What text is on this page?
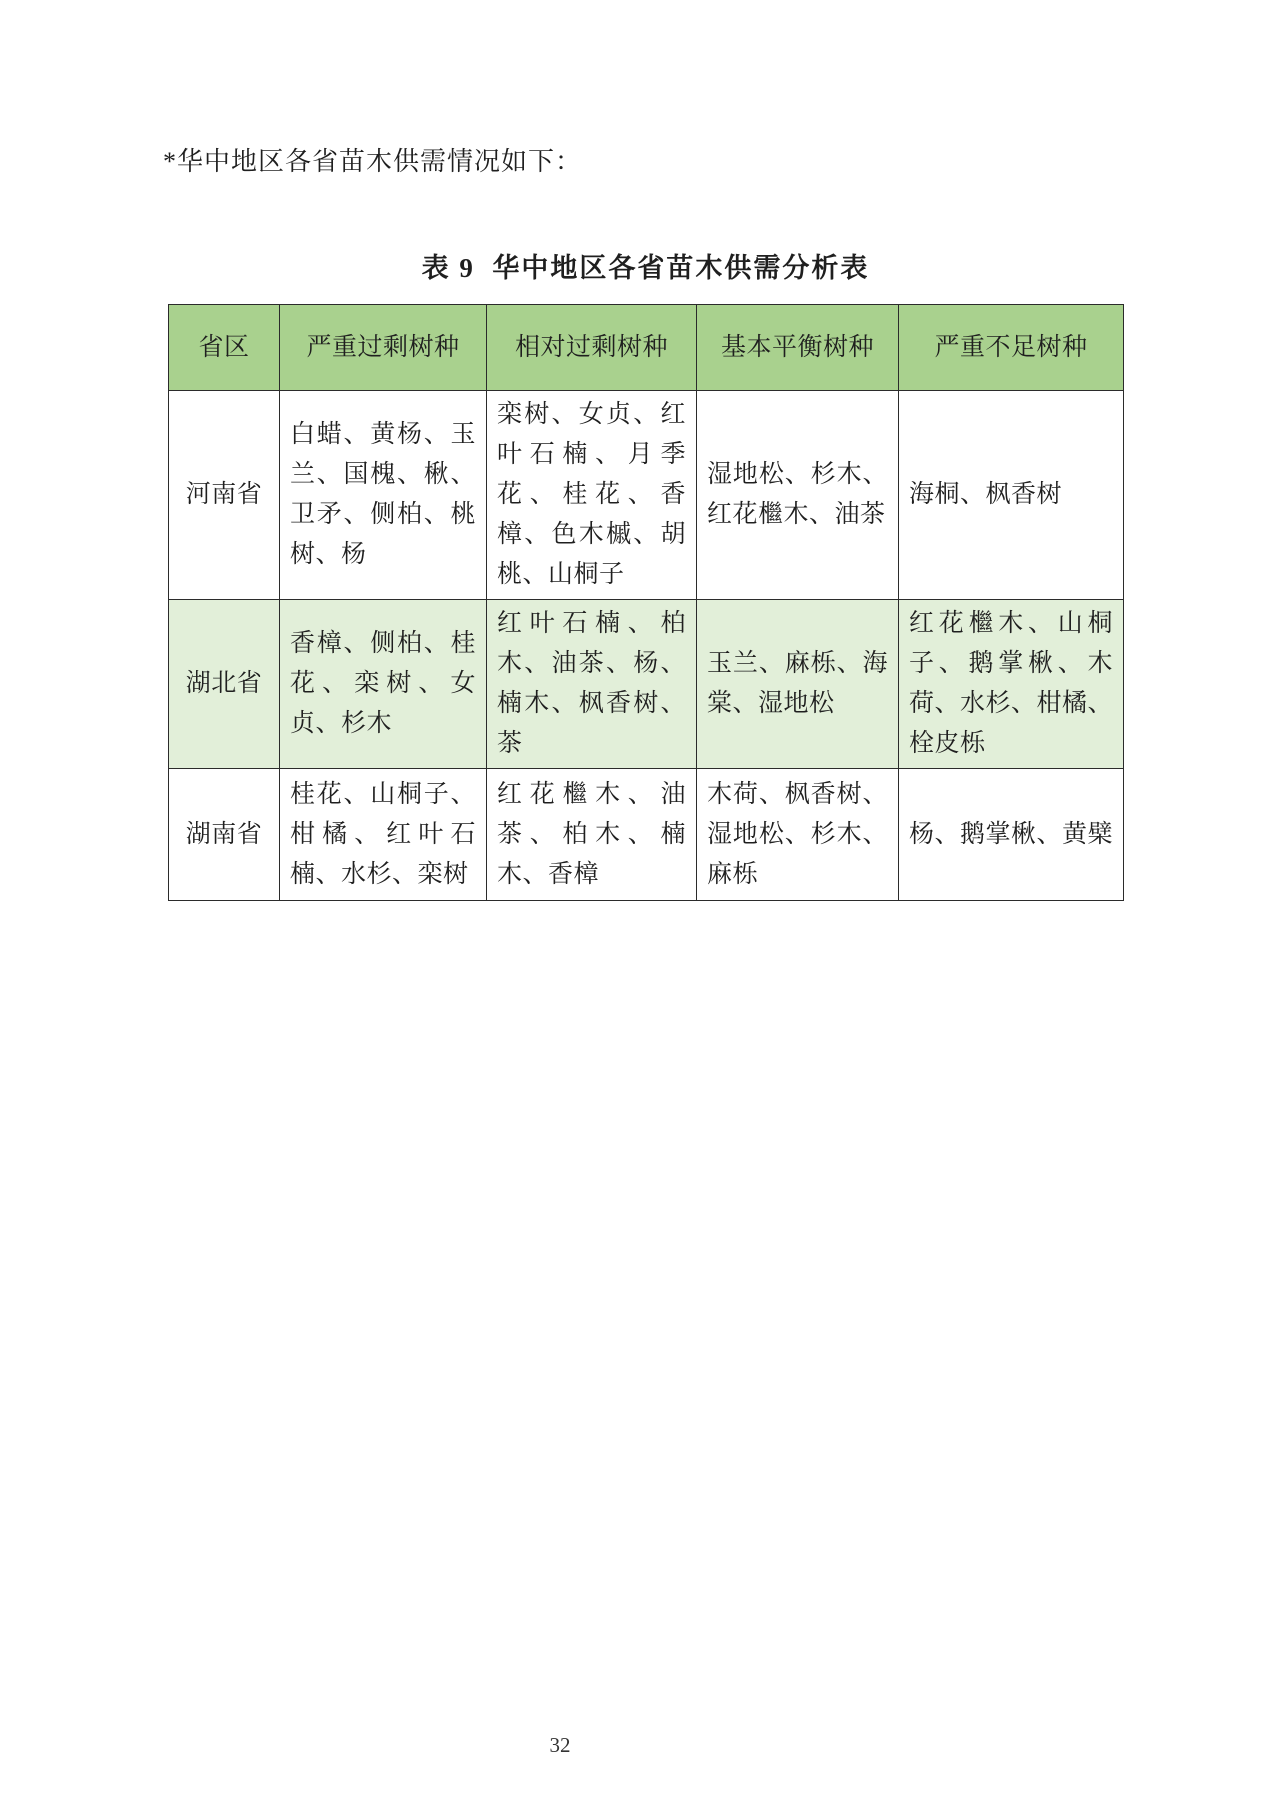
*华中地区各省苗木供需情况如下：
表 9  华中地区各省苗木供需分析表
省区	严重过剩树种	相对过剩树种	基本平衡树种	严重不足树种
河南省	白蜡、黄杨、玉兰、国槐、楸、卫矛、侧柏、桃树、杨	栾树、女贞、红叶石楠、月季花、桂花、香樟、色木槭、胡桃、山桐子	湿地松、杉木、红花檵木、油茶	海桐、枫香树
湖北省	香樟、侧柏、桂花、栾树、女贞、杉木	红叶石楠、柏木、油茶、杨、楠木、枫香树、茶	玉兰、麻栎、海棠、湿地松	红花檵木、山桐子、鹅掌楸、木荷、水杉、柑橘、栓皮栎
湖南省	桂花、山桐子、柑橘、红叶石楠、水杉、栾树	红花檵木、油茶、柏木、楠木、香樟	木荷、枫香树、湿地松、杉木、麻栎	杨、鹅掌楸、黄檗
32
